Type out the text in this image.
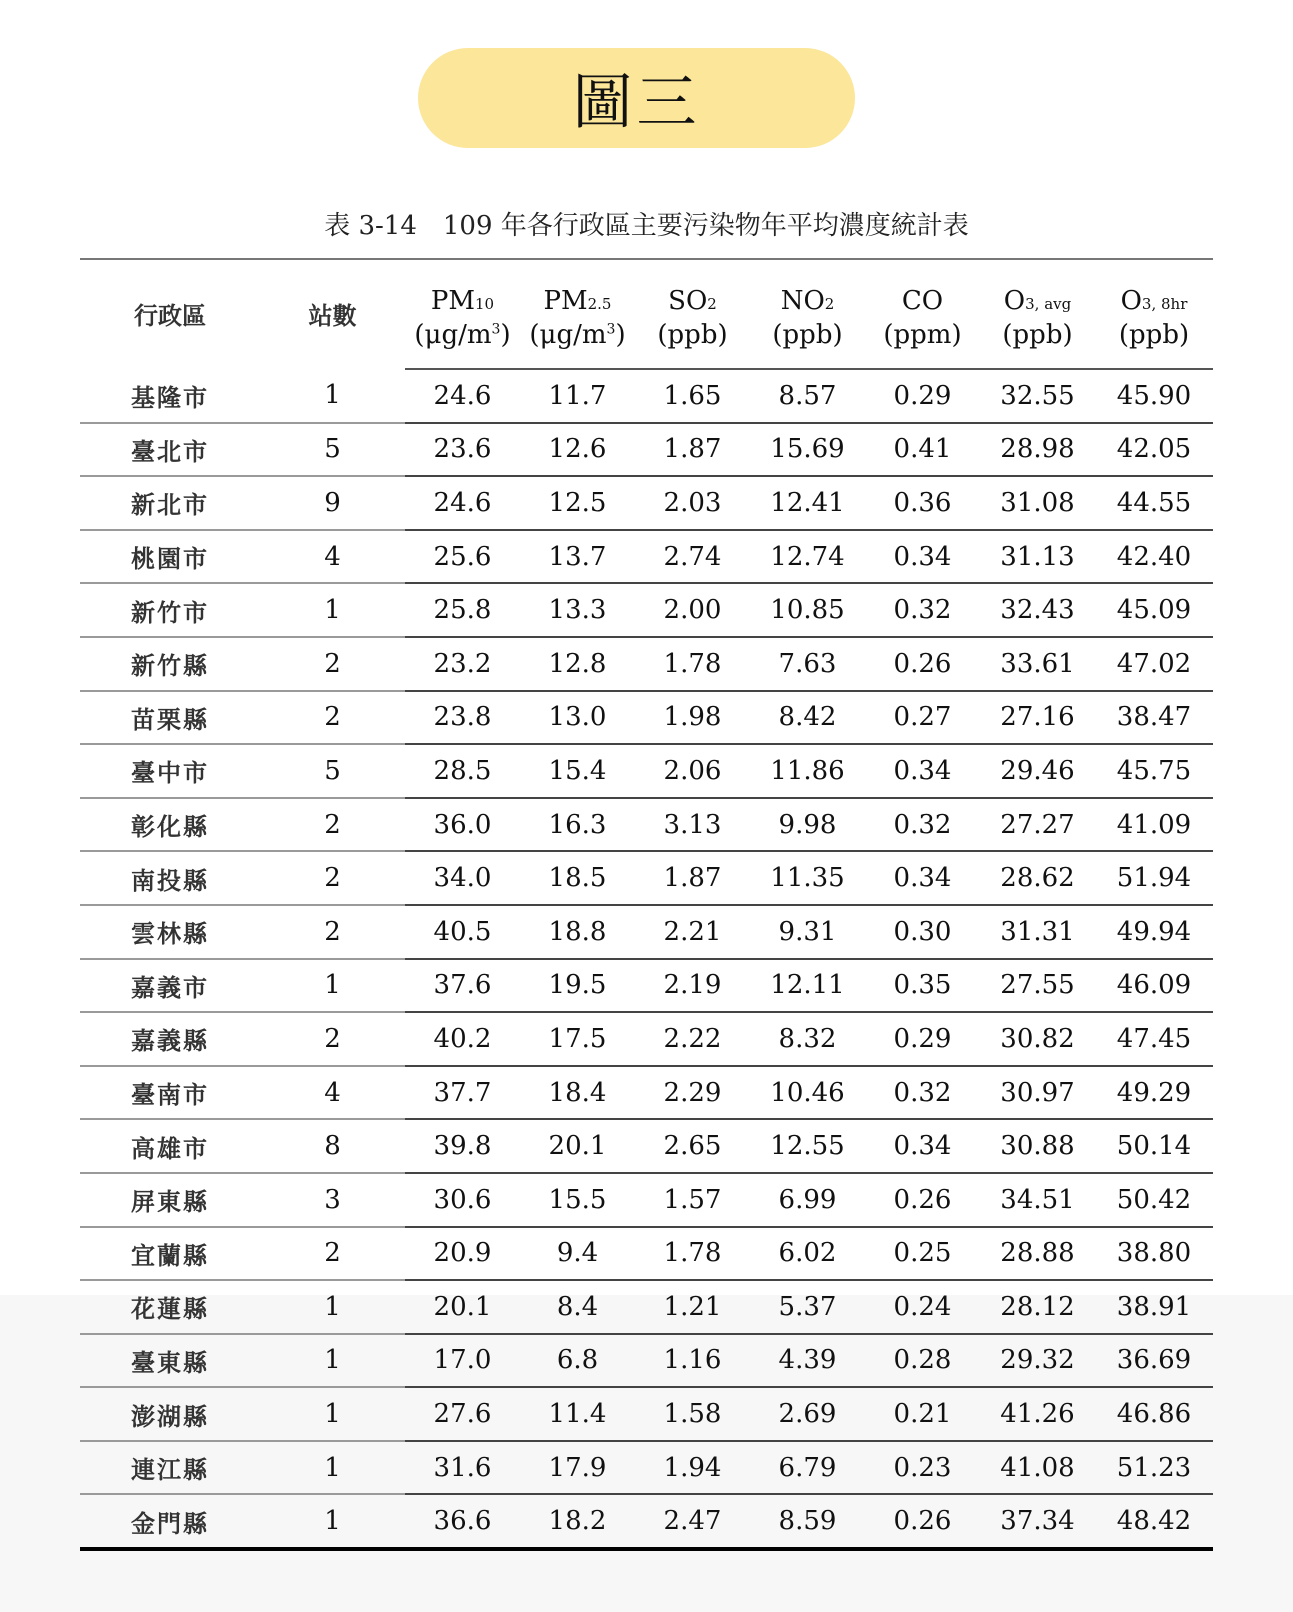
圖三
表 3-14　109 年各行政區主要污染物年平均濃度統計表
行政區	站數	PM10	PM2.5	SO2	NO2	CO	O3, avg	O3, 8hr
		$(\mu g/m^3)$	$(\mu g/m^3)$	(ppb)	(ppb)	(ppm)	(ppb)	(ppb)
基隆市	1	24.6	11.7	1.65	8.57	0.29	32.55	45.90
臺北市	5	23.6	12.6	1.87	15.69	0.41	28.98	42.05
新北市	9	24.6	12.5	2.03	12.41	0.36	31.08	44.55
桃園市	4	25.6	13.7	2.74	12.74	0.34	31.13	42.40
新竹市	1	25.8	13.3	2.00	10.85	0.32	32.43	45.09
新竹縣	2	23.2	12.8	1.78	7.63	0.26	33.61	47.02
苗栗縣	2	23.8	13.0	1.98	8.42	0.27	27.16	38.47
臺中市	5	28.5	15.4	2.06	11.86	0.34	29.46	45.75
彰化縣	2	36.0	16.3	3.13	9.98	0.32	27.27	41.09
南投縣	2	34.0	18.5	1.87	11.35	0.34	28.62	51.94
雲林縣	2	40.5	18.8	2.21	9.31	0.30	31.31	49.94
嘉義市	1	37.6	19.5	2.19	12.11	0.35	27.55	46.09
嘉義縣	2	40.2	17.5	2.22	8.32	0.29	30.82	47.45
臺南市	4	37.7	18.4	2.29	10.46	0.32	30.97	49.29
高雄市	8	39.8	20.1	2.65	12.55	0.34	30.88	50.14
屏東縣	3	30.6	15.5	1.57	6.99	0.26	34.51	50.42
宜蘭縣	2	20.9	9.4	1.78	6.02	0.25	28.88	38.80
花蓮縣	1	20.1	8.4	1.21	5.37	0.24	28.12	38.91
臺東縣	1	17.0	6.8	1.16	4.39	0.28	29.32	36.69
澎湖縣	1	27.6	11.4	1.58	2.69	0.21	41.26	46.86
連江縣	1	31.6	17.9	1.94	6.79	0.23	41.08	51.23
金門縣	1	36.6	18.2	2.47	8.59	0.26	37.34	48.42
